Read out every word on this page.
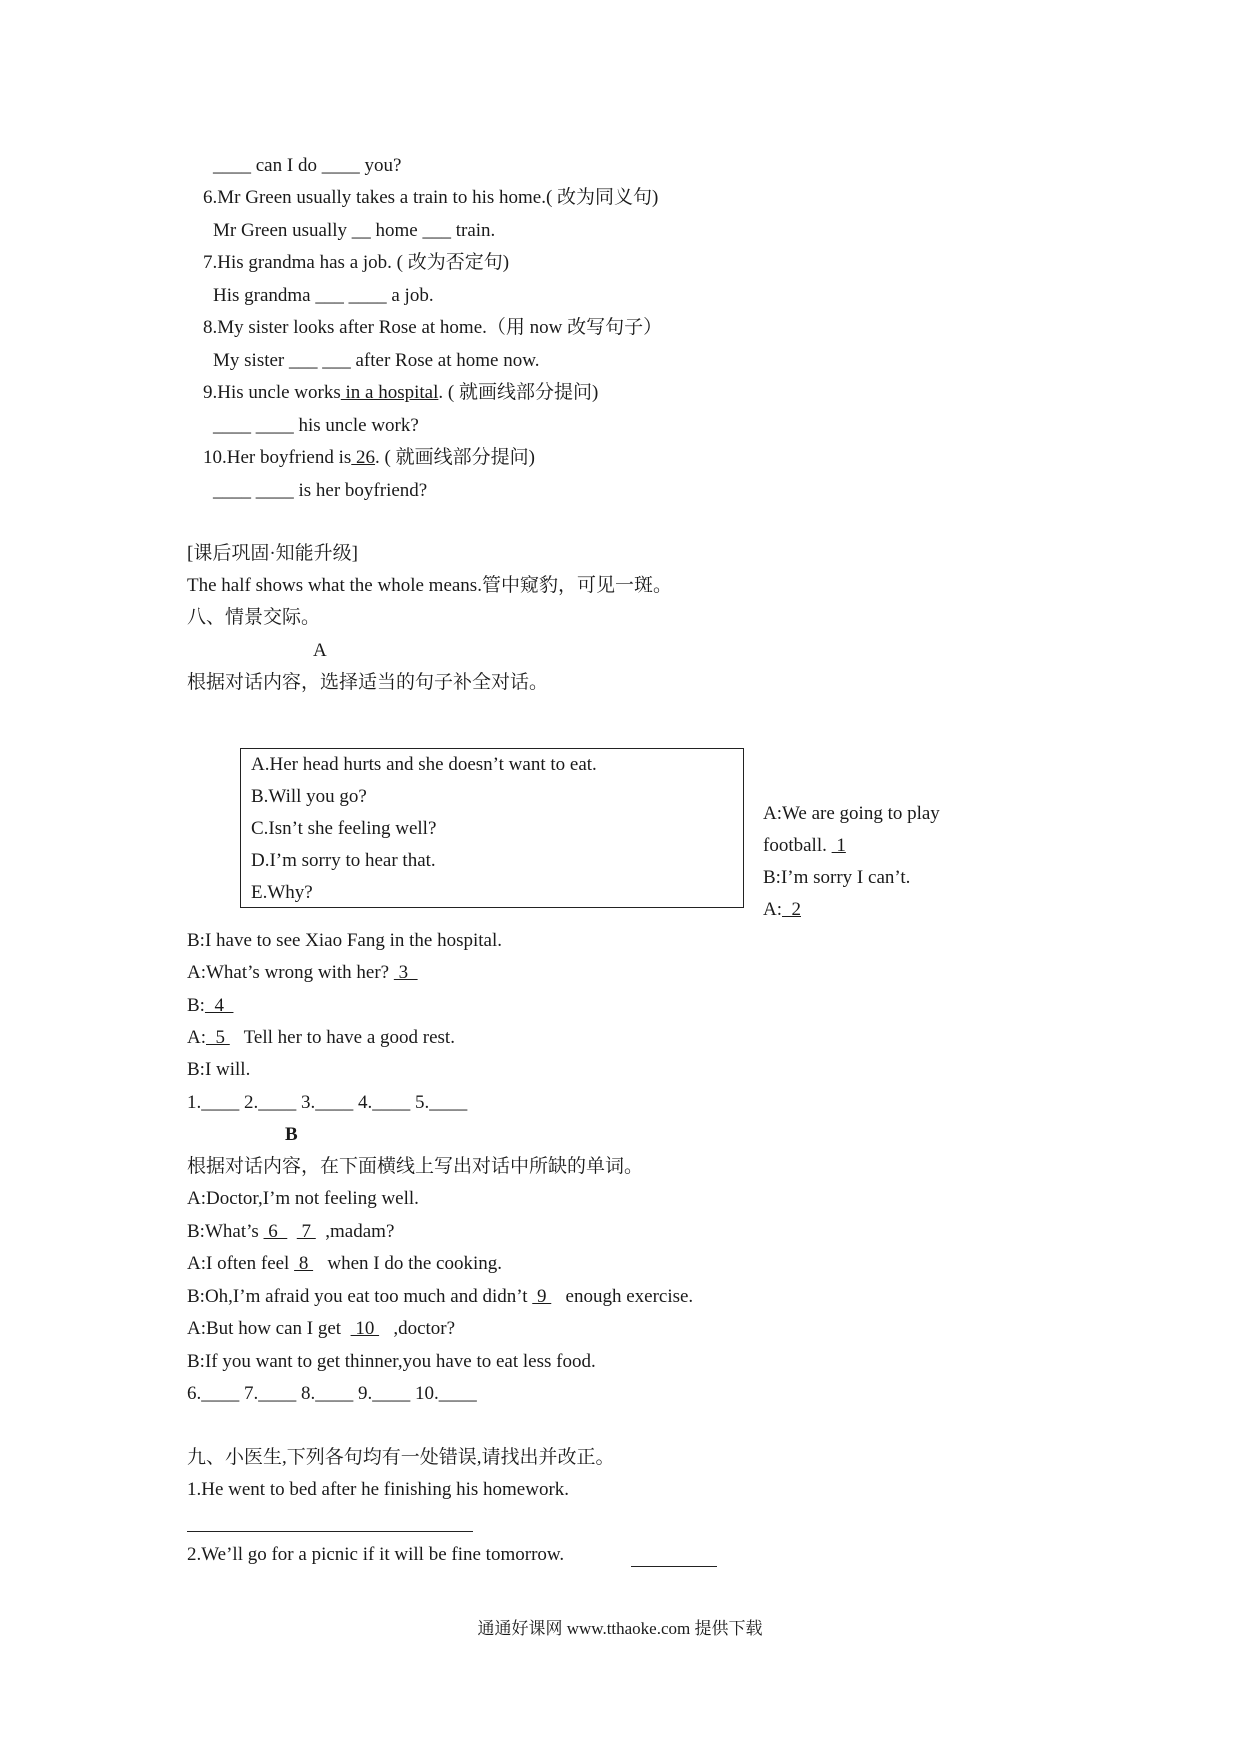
____ can I do ____ you?
6.Mr Green usually takes a train to his home.( 改为同义句)
Mr Green usually __ home ___ train.
7.His grandma has a job. ( 改为否定句)
His grandma ___ ____ a job.
8.My sister looks after Rose at home.（用 now 改写句子）
My sister ___ ___ after Rose at home now.
9.His uncle works in a hospital. ( 就画线部分提问)
____ ____ his uncle work?
10.Her boyfriend is 26. ( 就画线部分提问)
____ ____ is her boyfriend?
[课后巩固·知能升级]
The half shows what the whole means.管中窥豹，可见一斑。
八、情景交际。
A
根据对话内容，选择适当的句子补全对话。
A.Her head hurts and she doesn’t want to eat.
B.Will you go?
C.Isn’t she feeling well?
D.I’m sorry to hear that.
E.Why?
A:We are going to play
football.  1
B:I’m sorry I can’t.
A:  2
B:I have to see Xiao Fang in the hospital.
A:What’s wrong with her?  3
B:  4
A:  5    Tell her to have a good rest.
B:I will.
1.____ 2.____ 3.____ 4.____ 5.____
B
根据对话内容，在下面横线上写出对话中所缺的单词。
A:Doctor,I’m not feeling well.
B:What’s  6     7   ,madam?
A:I often feel  8    when I do the cooking.
B:Oh,I’m afraid you eat too much and didn’t  9    enough exercise.
A:But how can I get   10    ,doctor?
B:If you want to get thinner,you have to eat less food.
6.____ 7.____ 8.____ 9.____ 10.____
九、小医生,下列各句均有一处错误,请找出并改正。
1.He went to bed after he finishing his homework.
2.We’ll go for a picnic if it will be fine tomorrow.
通通好课网 www.tthaoke.com 提供下载
